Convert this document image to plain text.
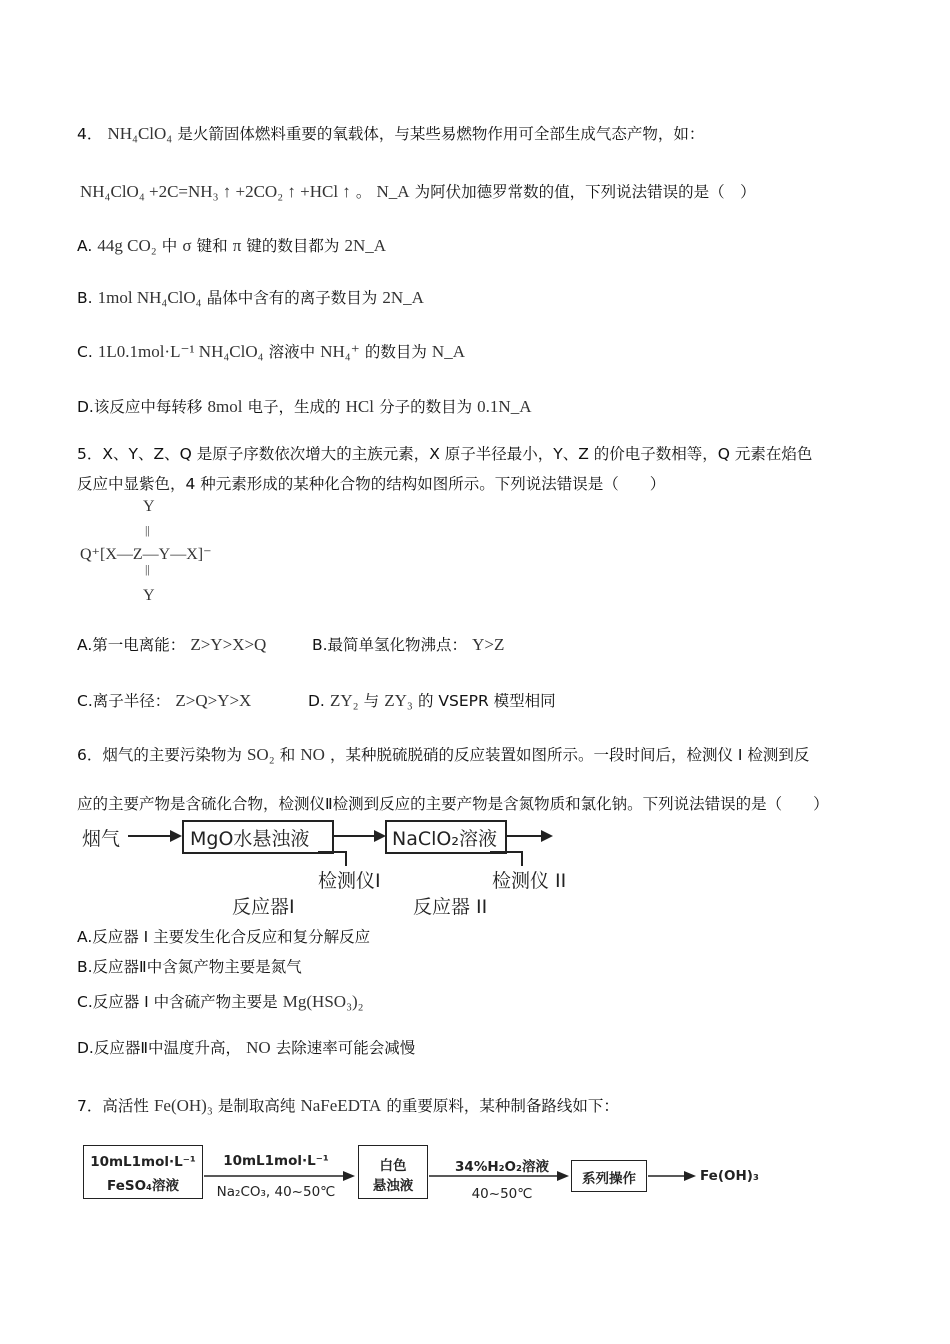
4． NH₄ClO₄ 是火箭固体燃料重要的氧载体，与某些易燃物作用可全部生成气态产物，如：
NH₄ClO₄ +2C=NH₃ ↑ +2CO₂ ↑ +HCl ↑ 。 N_A 为阿伏加德罗常数的值，下列说法错误的是（　）
A. 44g CO₂ 中 σ 键和 π 键的数目都为 2N_A
B. 1mol NH₄ClO₄ 晶体中含有的离子数目为 2N_A
C. 1L0.1mol·L⁻¹ NH₄ClO₄ 溶液中 NH₄⁺ 的数目为 N_A
D.该反应中每转移 8mol 电子，生成的 HCl 分子的数目为 0.1N_A
5．X、Y、Z、Q 是原子序数依次增大的主族元素，X 原子半径最小，Y、Z 的价电子数相等，Q 元素在焰色
反应中显紫色，4 种元素形成的某种化合物的结构如图所示。下列说法错误是（　　）
Y
||
Q⁺[X—Z—Y—X]⁻
||
Y
A.第一电离能： Z>Y>X>Q	B.最简单氢化物沸点： Y>Z
C.离子半径： Z>Q>Y>X	D. ZY₂ 与 ZY₃ 的 VSEPR 模型相同
6．烟气的主要污染物为 SO₂ 和 NO ，某种脱硫脱硝的反应装置如图所示。一段时间后，检测仪 I 检测到反
应的主要产物是含硫化合物，检测仪Ⅱ检测到反应的主要产物是含氮物质和氯化钠。下列说法错误的是（　　）
烟气	MgO水悬浊液	NaClO₂溶液
检测仪I	检测仪 II
反应器I	反应器 II
A.反应器 I 主要发生化合反应和复分解反应
B.反应器Ⅱ中含氮产物主要是氮气
C.反应器 I 中含硫产物主要是 Mg(HSO₃)₂
D.反应器Ⅱ中温度升高， NO 去除速率可能会减慢
7．高活性 Fe(OH)₃ 是制取高纯 NaFeEDTA 的重要原料，某种制备路线如下：
10mL1mol·L⁻¹
FeSO₄溶液
10mL1mol·L⁻¹
Na₂CO₃, 40~50℃
白色
悬浊液
34%H₂O₂溶液
40~50℃
系列操作	Fe(OH)₃
